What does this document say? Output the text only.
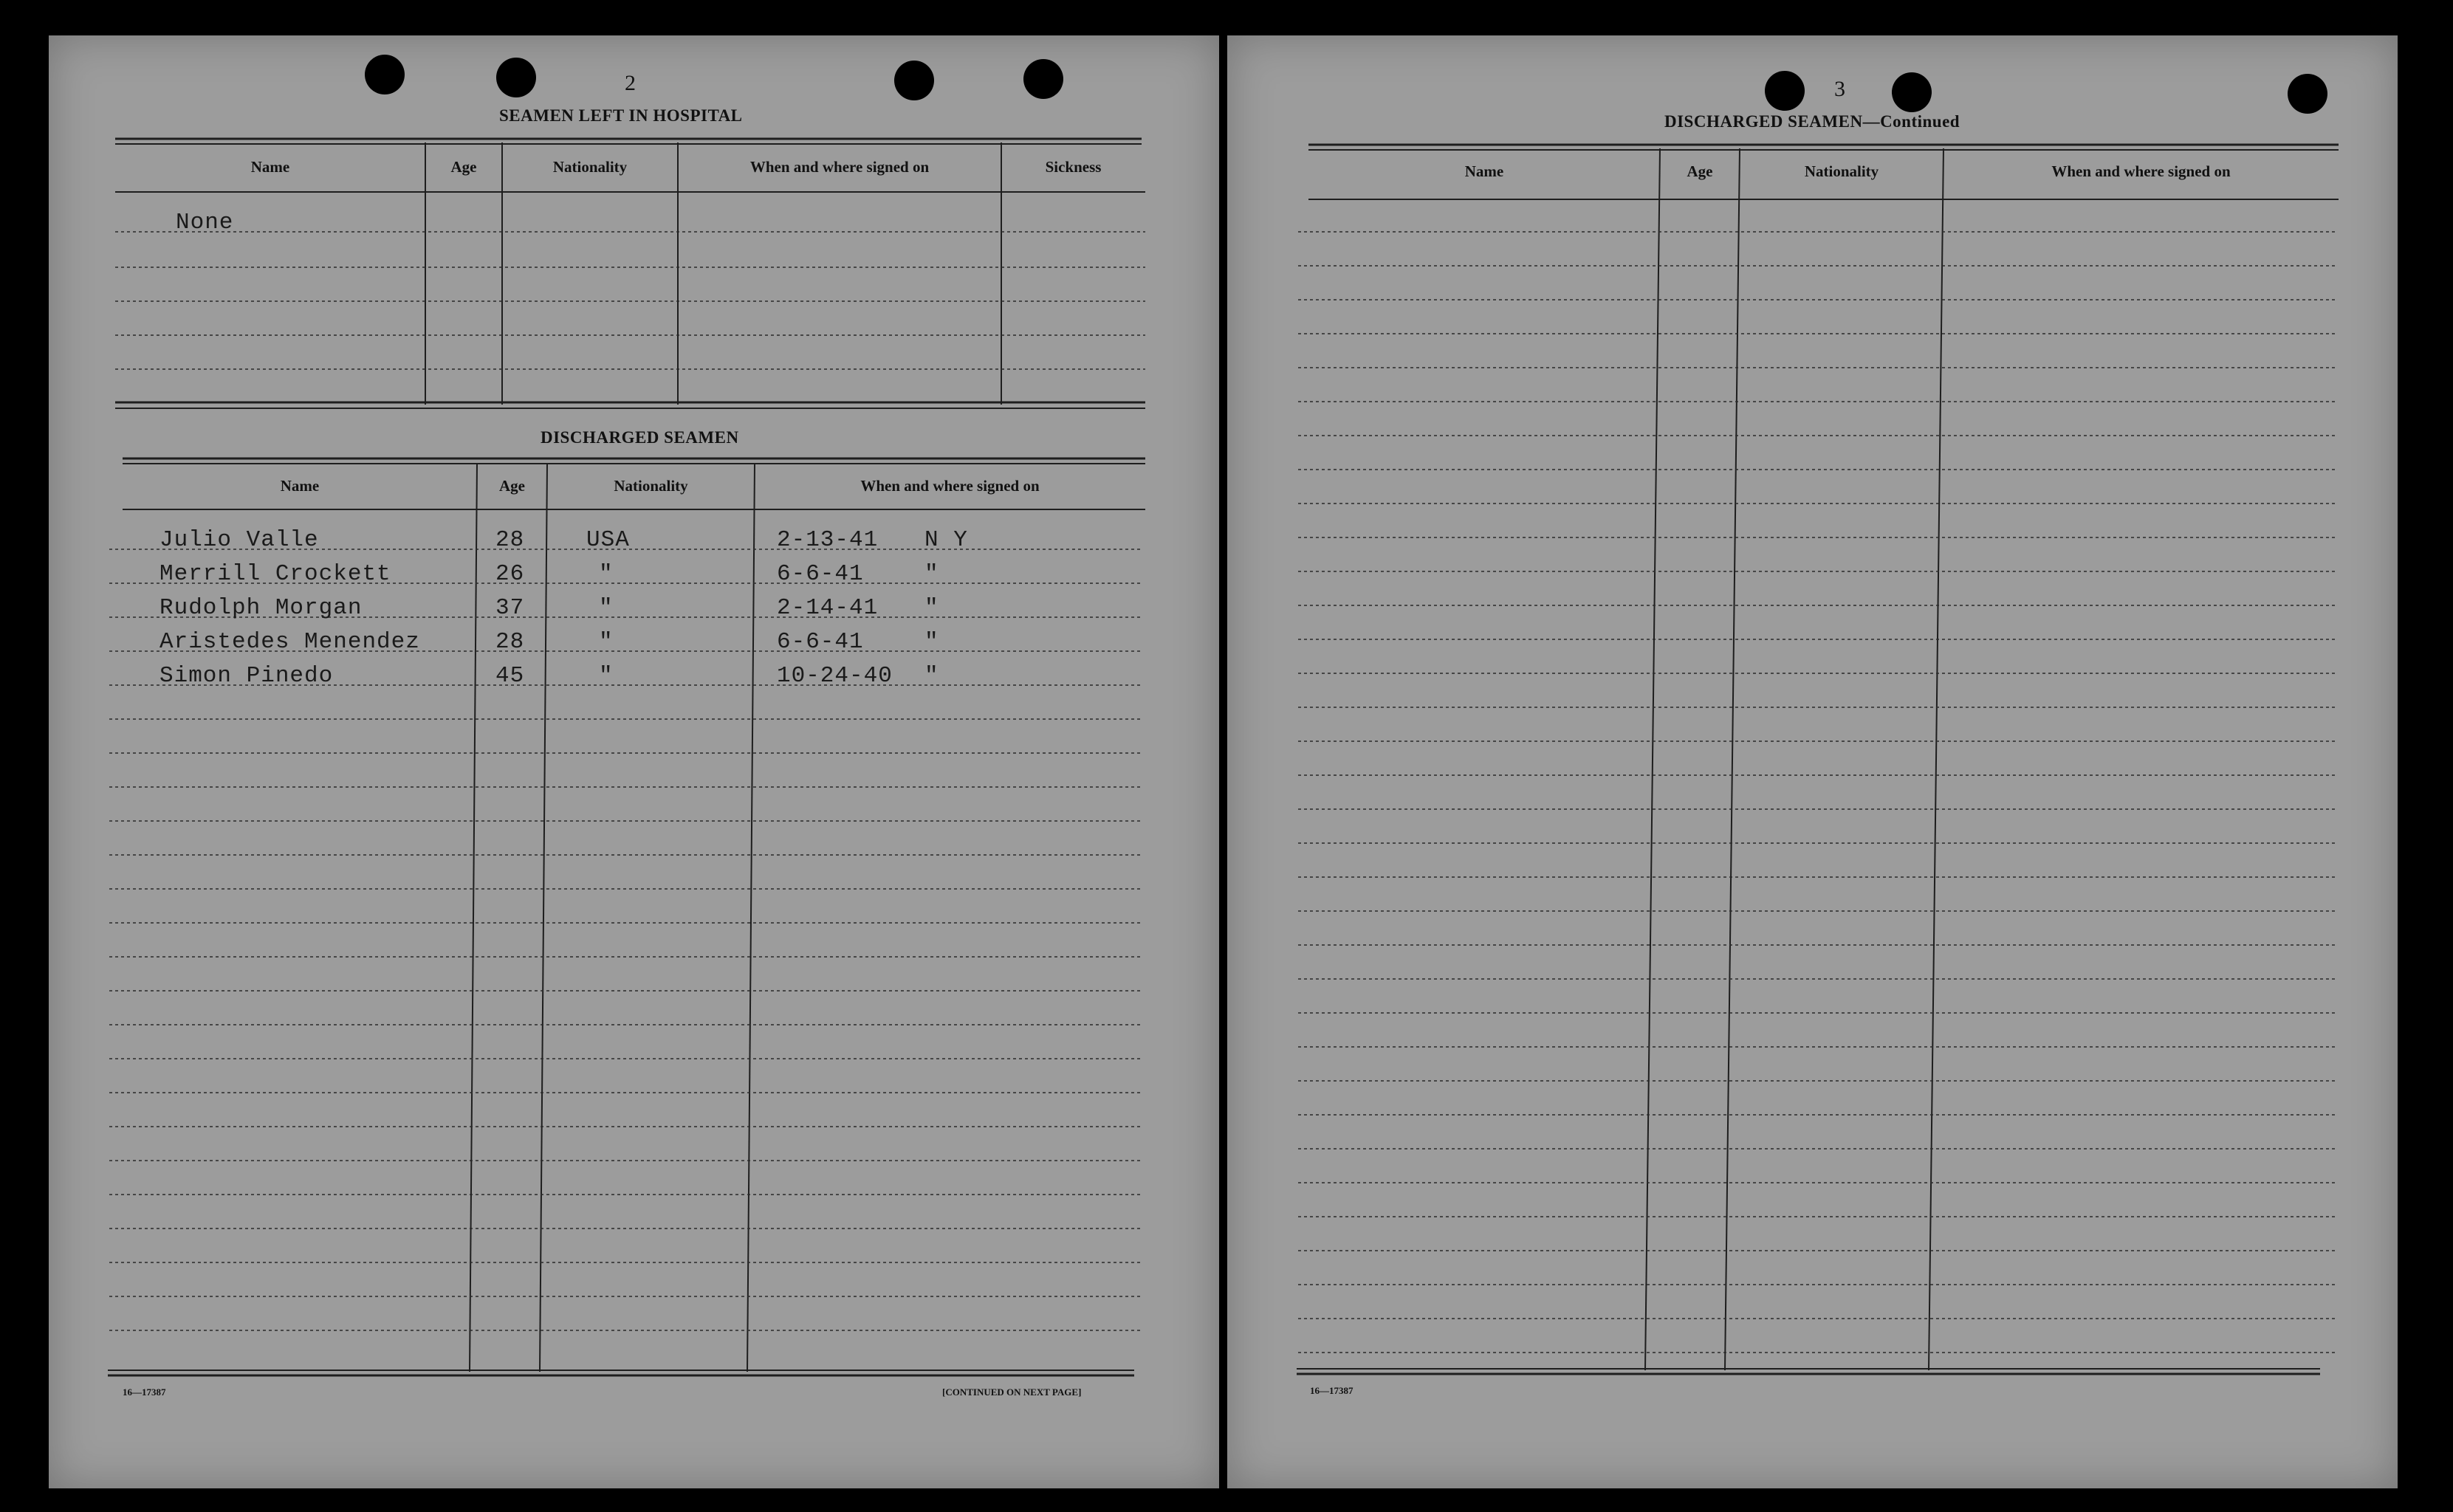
2
SEAMEN LEFT IN HOSPITAL
Name	Age	Nationality	When and where signed on	Sickness
None
DISCHARGED SEAMEN
Name	Age	Nationality	When and where signed on
Julio Valle	28	USA	2-13-41 N Y
Merrill Crockett	26	"	6-6-41	"
Rudolph Morgan	37	"	2-14-41 "
Aristedes Menendez	28	"	6-6-41	"
Simon Pinedo	45	"	10-24-40 "
16—17387	[CONTINUED ON NEXT PAGE]
3
DISCHARGED SEAMEN—Continued
Name	Age	Nationality	When and where signed on
16—17387
